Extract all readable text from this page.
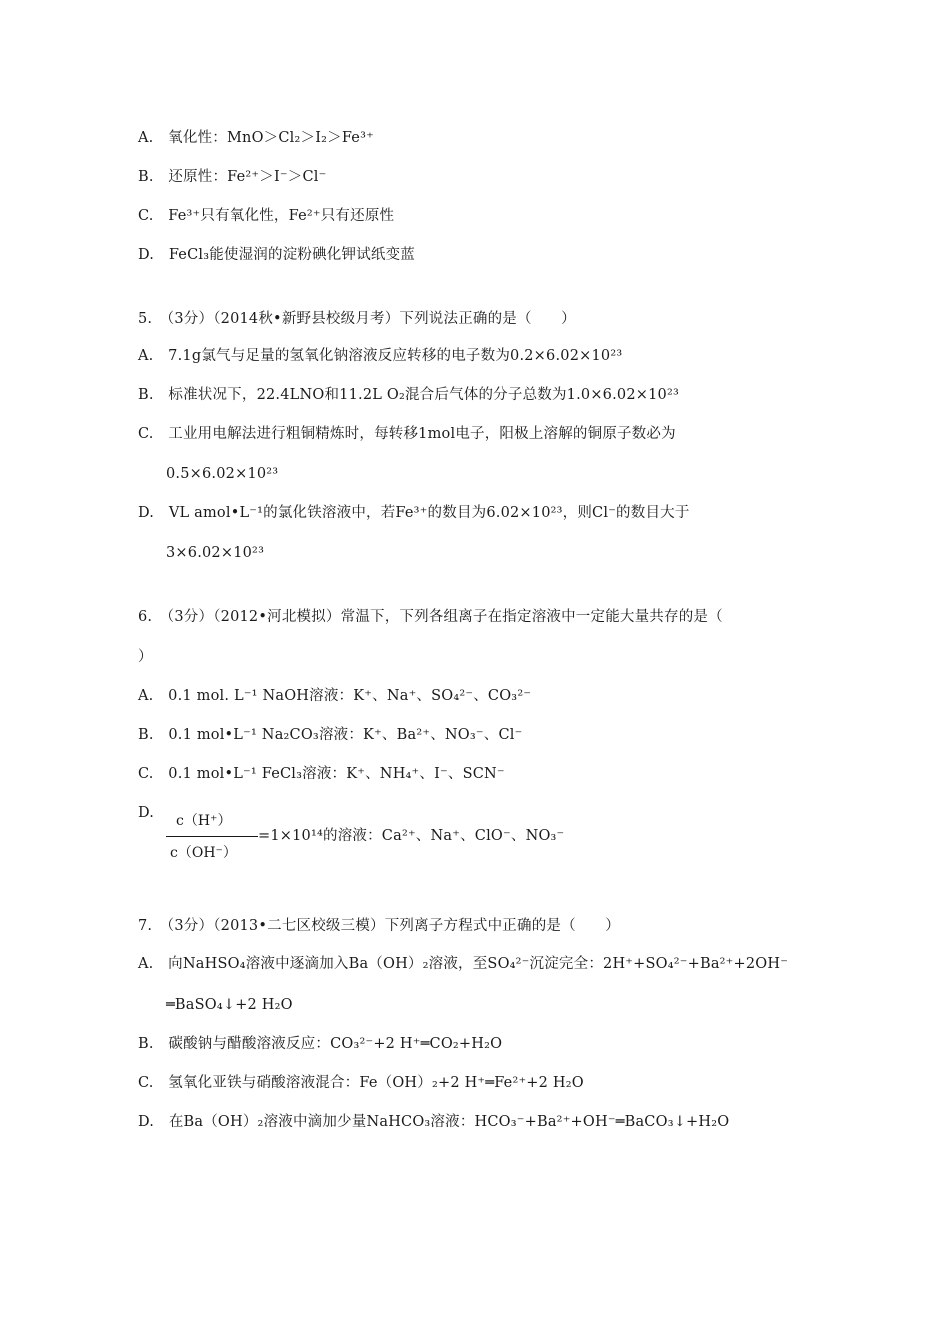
A.　氧化性：MnO＞Cl₂＞I₂＞Fe³⁺
B.　还原性：Fe²⁺＞I⁻＞Cl⁻
C.　Fe³⁺只有氧化性，Fe²⁺只有还原性
D.　FeCl₃能使湿润的淀粉碘化钾试纸变蓝
5.　（3分）（2014秋•新野县校级月考）下列说法正确的是（　　）
A.　7.1g氯气与足量的氢氧化钠溶液反应转移的电子数为0.2×6.02×10²³
B.　标准状况下，22.4LNO和11.2L O₂混合后气体的分子总数为1.0×6.02×10²³
C.　工业用电解法进行粗铜精炼时，每转移1mol电子，阳极上溶解的铜原子数必为
0.5×6.02×10²³
D.　VL amol•L⁻¹的氯化铁溶液中，若Fe³⁺的数目为6.02×10²³，则Cl⁻的数目大于
3×6.02×10²³
6.　（3分）（2012•河北模拟）常温下，下列各组离子在指定溶液中一定能大量共存的是（
）
A.　0.1 mol. L⁻¹ NaOH溶液：K⁺、Na⁺、SO₄²⁻、CO₃²⁻
B.　0.1 mol•L⁻¹ Na₂CO₃溶液：K⁺、Ba²⁺、NO₃⁻、Cl⁻
C.　0.1 mol•L⁻¹ FeCl₃溶液：K⁺、NH₄⁺、I⁻、SCN⁻
D. c（H⁺）
c（OH⁻）
=1×10¹⁴的溶液：Ca²⁺、Na⁺、ClO⁻、NO₃⁻
7.　（3分）（2013•二七区校级三模）下列离子方程式中正确的是（　　）
A.　向NaHSO₄溶液中逐滴加入Ba（OH）₂溶液，至SO₄²⁻沉淀完全：2H⁺+SO₄²⁻+Ba²⁺+2OH⁻
═BaSO₄↓+2 H₂O
B.　碳酸钠与醋酸溶液反应：CO₃²⁻+2 H⁺═CO₂+H₂O
C.　氢氧化亚铁与硝酸溶液混合：Fe（OH）₂+2 H⁺═Fe²⁺+2 H₂O
D.　在Ba（OH）₂溶液中滴加少量NaHCO₃溶液：HCO₃⁻+Ba²⁺+OH⁻═BaCO₃↓+H₂O
